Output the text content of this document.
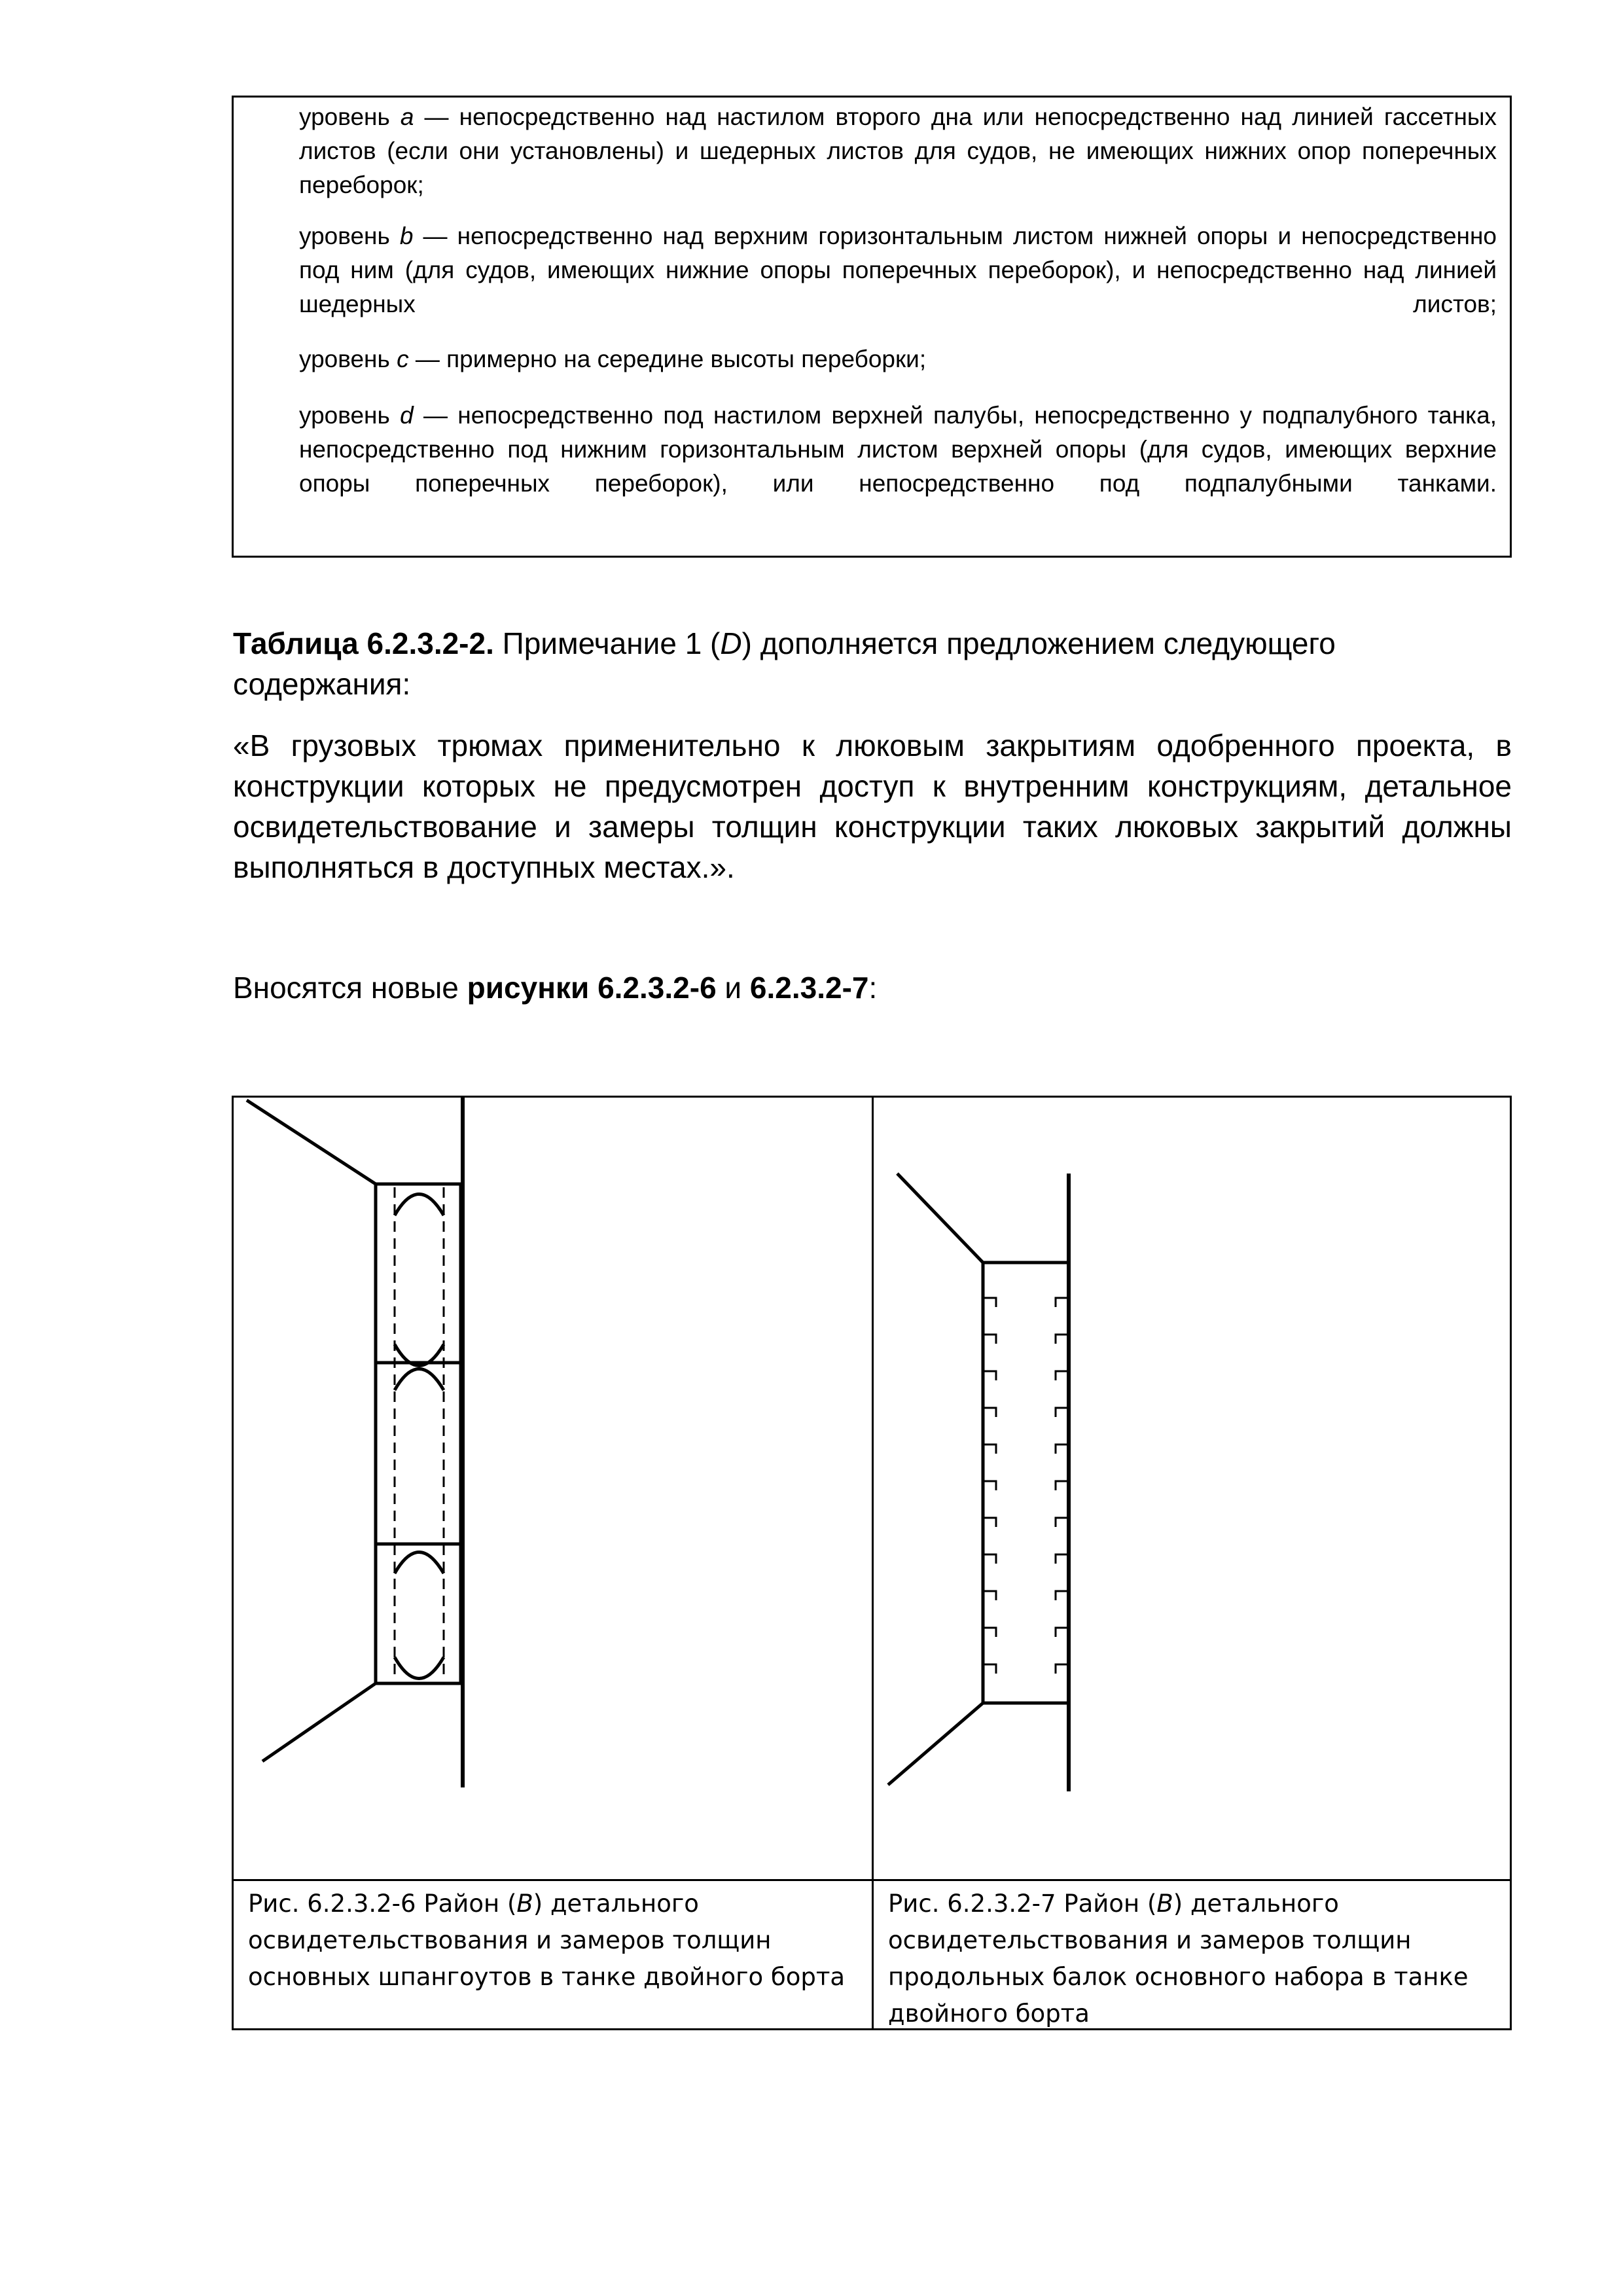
уровень a — непосредственно над настилом второго дна или непосредственно над линией гассетных листов (если они установлены) и шедерных листов для судов, не имеющих нижних опор поперечных переборок;

уровень b — непосредственно над верхним горизонтальным листом нижней опоры и непосредственно под ним (для судов, имеющих нижние опоры поперечных переборок), и непосредственно над линией шедерных листов;

уровень c — примерно на середине высоты переборки;

уровень d — непосредственно под настилом верхней палубы, непосредственно у подпалубного танка, непосредственно под нижним горизонтальным листом верхней опоры (для судов, имеющих верхние опоры поперечных переборок), или непосредственно под подпалубными танками.

Таблица 6.2.3.2-2. Примечание 1 (D) дополняется предложением следующего содержания:

«В грузовых трюмах применительно к люковым закрытиям одобренного проекта, в конструкции которых не предусмотрен доступ к внутренним конструкциям, детальное освидетельствование и замеры толщин конструкции таких люковых закрытий должны выполняться в доступных местах.».

Вносятся новые рисунки 6.2.3.2-6 и 6.2.3.2-7:

Рис. 6.2.3.2-6 Район (B) детального освидетельствования и замеров толщин основных шпангоутов в танке двойного борта

Рис. 6.2.3.2-7 Район (B) детального освидетельствования и замеров толщин продольных балок основного набора в танке двойного борта
